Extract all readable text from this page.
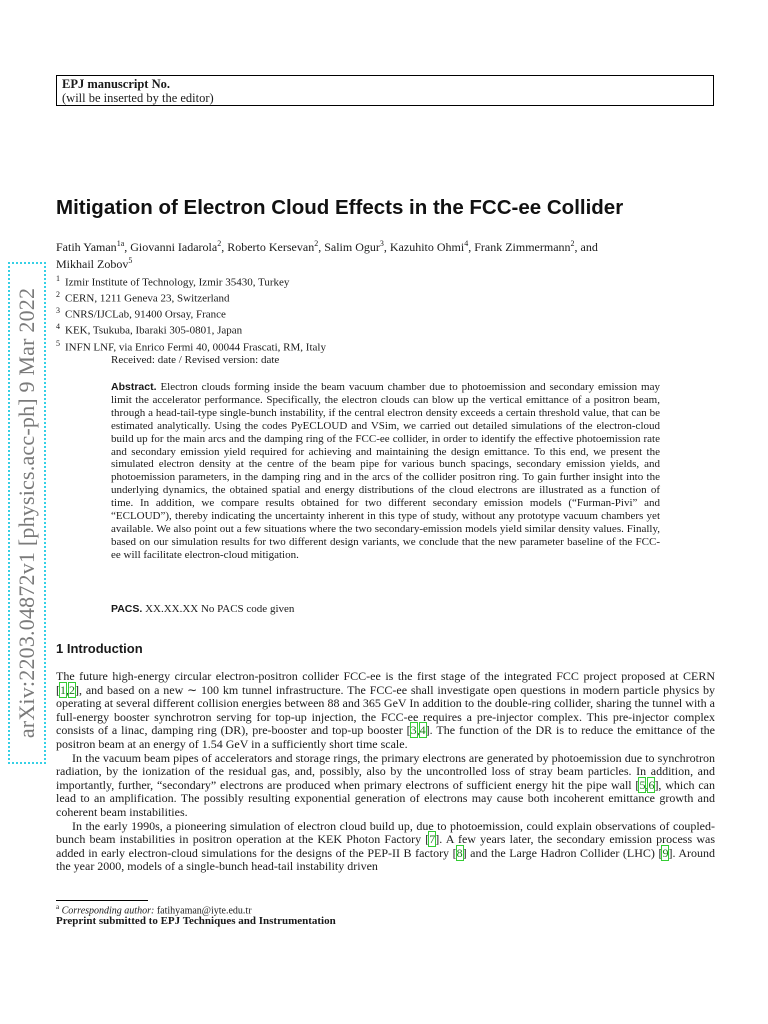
EPJ manuscript No.
(will be inserted by the editor)
Mitigation of Electron Cloud Effects in the FCC-ee Collider
Fatih Yaman$^{1a}$, Giovanni Iadarola$^2$, Roberto Kersevan$^2$, Salim Ogur$^3$, Kazuhito Ohmi$^4$, Frank Zimmermann$^2$, and
Mikhail Zobov$^5$
$^1$ Izmir Institute of Technology, Izmir 35430, Turkey
$^2$ CERN, 1211 Geneva 23, Switzerland
$^3$ CNRS/IJCLab, 91400 Orsay, France
$^4$ KEK, Tsukuba, Ibaraki 305-0801, Japan
$^5$ INFN LNF, via Enrico Fermi 40, 00044 Frascati, RM, Italy
Received: date / Revised version: date
Abstract. Electron clouds forming inside the beam vacuum chamber due to photoemission and secondary emission may limit the accelerator performance. Specifically, the electron clouds can blow up the vertical emittance of a positron beam, through a head-tail-type single-bunch instability, if the central electron density exceeds a certain threshold value, that can be estimated analytically. Using the codes PyECLOUD and VSim, we carried out detailed simulations of the electron-cloud build up for the main arcs and the damping ring of the FCC-ee collider, in order to identify the effective photoemission rate and secondary emission yield required for achieving and maintaining the design emittance. To this end, we present the simulated electron density at the centre of the beam pipe for various bunch spacings, secondary emission yields, and photoemission parameters, in the damping ring and in the arcs of the collider positron ring. To gain further insight into the underlying dynamics, the obtained spatial and energy distributions of the cloud electrons are illustrated as a function of time. In addition, we compare results obtained for two different secondary emission models (“Furman-Pivi” and “ECLOUD”), thereby indicating the uncertainty inherent in this type of study, without any prototype vacuum chambers yet available. We also point out a few situations where the two secondary-emission models yield similar density values. Finally, based on our simulation results for two different design variants, we conclude that the new parameter baseline of the FCC-ee will facilitate electron-cloud mitigation.
PACS. XX.XX.XX No PACS code given
1 Introduction

The future high-energy circular electron-positron collider FCC-ee is the first stage of the integrated FCC project proposed at CERN [1,2], and based on a new ∼ 100 km tunnel infrastructure. The FCC-ee shall investigate open questions in modern particle physics by operating at several different collision energies between 88 and 365 GeV In addition to the double-ring collider, sharing the tunnel with a full-energy booster synchrotron serving for top-up injection, the FCC-ee requires a pre-injector complex. This pre-injector complex consists of a linac, damping ring (DR), pre-booster and top-up booster [3,4]. The function of the DR is to reduce the emittance of the positron beam at an energy of 1.54 GeV in a sufficiently short time scale.

In the vacuum beam pipes of accelerators and storage rings, the primary electrons are generated by photoemission due to synchrotron radiation, by the ionization of the residual gas, and, possibly, also by the uncontrolled loss of stray beam particles. In addition, and importantly, further, “secondary” electrons are produced when primary electrons of sufficient energy hit the pipe wall [5,6], which can lead to an amplification. The possibly resulting exponential generation of electrons may cause both incoherent emittance growth and coherent beam instabilities.

In the early 1990s, a pioneering simulation of electron cloud build up, due to photoemission, could explain observations of coupled-bunch beam instabilities in positron operation at the KEK Photon Factory [7]. A few years later, the secondary emission process was added in early electron-cloud simulations for the designs of the PEP-II B factory [8] and the Large Hadron Collider (LHC) [9]. Around the year 2000, models of a single-bunch head-tail instability driven

$^a$ Corresponding author: fatihyaman@iyte.edu.tr
Preprint submitted to EPJ Techniques and Instrumentation
arXiv:2203.04872v1 [physics.acc-ph] 9 Mar 2022
